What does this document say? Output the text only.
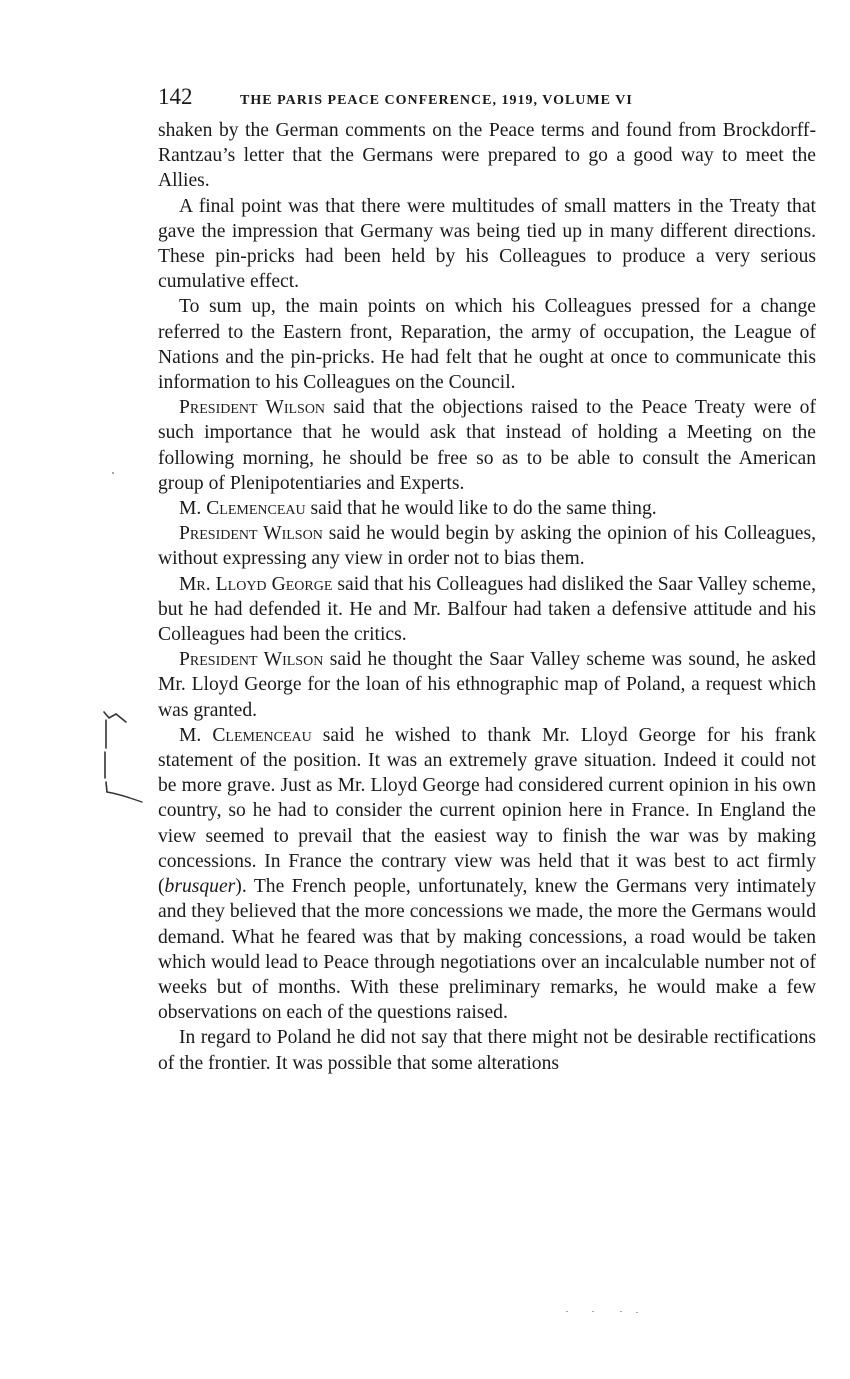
142	THE PARIS PEACE CONFERENCE, 1919, VOLUME VI

shaken by the German comments on the Peace terms and found from Brockdorff-Rantzau’s letter that the Germans were prepared to go a good way to meet the Allies.

A final point was that there were multitudes of small matters in the Treaty that gave the impression that Germany was being tied up in many different directions. These pin-pricks had been held by his Colleagues to produce a very serious cumulative effect.

To sum up, the main points on which his Colleagues pressed for a change referred to the Eastern front, Reparation, the army of occupation, the League of Nations and the pin-pricks. He had felt that he ought at once to communicate this information to his Colleagues on the Council.

President Wilson said that the objections raised to the Peace Treaty were of such importance that he would ask that instead of holding a Meeting on the following morning, he should be free so as to be able to consult the American group of Plenipotentiaries and Experts.

M. Clemenceau said that he would like to do the same thing.

President Wilson said he would begin by asking the opinion of his Colleagues, without expressing any view in order not to bias them.

Mr. Lloyd George said that his Colleagues had disliked the Saar Valley scheme, but he had defended it. He and Mr. Balfour had taken a defensive attitude and his Colleagues had been the critics.

President Wilson said he thought the Saar Valley scheme was sound, he asked Mr. Lloyd George for the loan of his ethnographic map of Poland, a request which was granted.

M. Clemenceau said he wished to thank Mr. Lloyd George for his frank statement of the position. It was an extremely grave situation. Indeed it could not be more grave. Just as Mr. Lloyd George had considered current opinion in his own country, so he had to consider the current opinion here in France. In England the view seemed to prevail that the easiest way to finish the war was by making concessions. In France the contrary view was held that it was best to act firmly (brusquer). The French people, unfortunately, knew the Germans very intimately and they believed that the more concessions we made, the more the Germans would demand. What he feared was that by making concessions, a road would be taken which would lead to Peace through negotiations over an incalculable number not of weeks but of months. With these preliminary remarks, he would make a few observations on each of the questions raised.

In regard to Poland he did not say that there might not be desirable rectifications of the frontier. It was possible that some alterations
